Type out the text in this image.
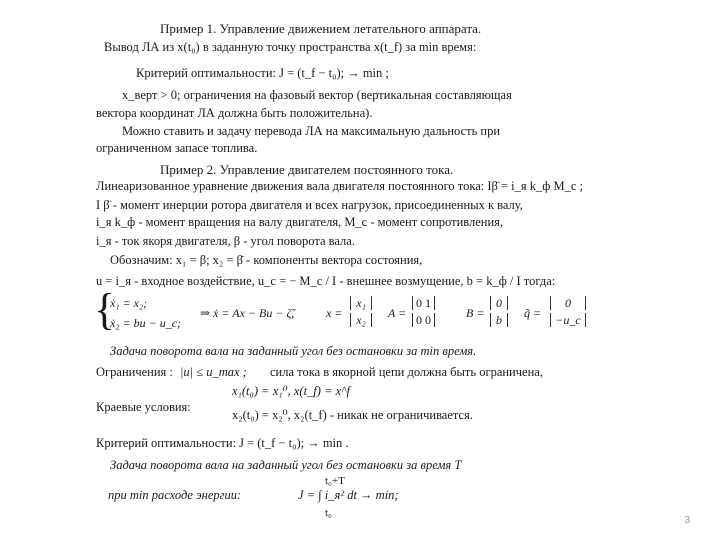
Пример 1. Управление движением летательного аппарата.
Вывод ЛА из x(t₀) в заданную точку пространства x(t_f) за min время:
Критерий оптимальности: J = (t_f − t₀); → min ;
x_верт > 0; ограничения на фазовый вектор (вертикальная составляющая
вектора координат ЛА должна быть положительна).
Можно ставить и задачу перевода ЛА на максимальную дальность при
ограниченном запасе топлива.
Пример 2. Управление двигателем постоянного тока.
Линеаризованное уравнение движения вала двигателя постоянного тока: Iβ̈ = i_я k_ф M_c ;
I β̈ - момент инерции ротора двигателя и всех нагрузок, присоединенных к валу,
i_я k_ф - момент вращения на валу двигателя, M_c - момент сопротивления,
i_я - ток якоря двигателя, β - угол поворота вала.
Обозначим: x₁ = β; x₂ = β̇ - компоненты вектора состояния,
u = i_я - входное воздействие, u_c = − M_c / I - внешнее возмущение, b = k_ф / I тогда:
{
ẋ₁ = x₂;
ẋ₂ = bu − u_c;
⇒ ẋ = Ax − Bu − ζ̃,	x =
x₁
x₂	A =
0 1
0 0	B =
0
b	q̃ =
0
−u_c
Задача поворота вала на заданный угол без остановки за min время.
Ограничения : |u| ≤ u_max ; сила тока в якорной цепи должна быть ограничена,
x₁(t₀) = x₁⁰, x(t_f) = x^f
Краевые условия:
x₂(t₀) = x₂⁰, x₂(t_f) - никак не ограничивается.
Критерий оптимальности: J = (t_f − t₀); → min .
Задача поворота вала на заданный угол без остановки за время T
t₀+T
при min расходе энергии:	J = ∫ i_я² dt → min;
t₀
3
